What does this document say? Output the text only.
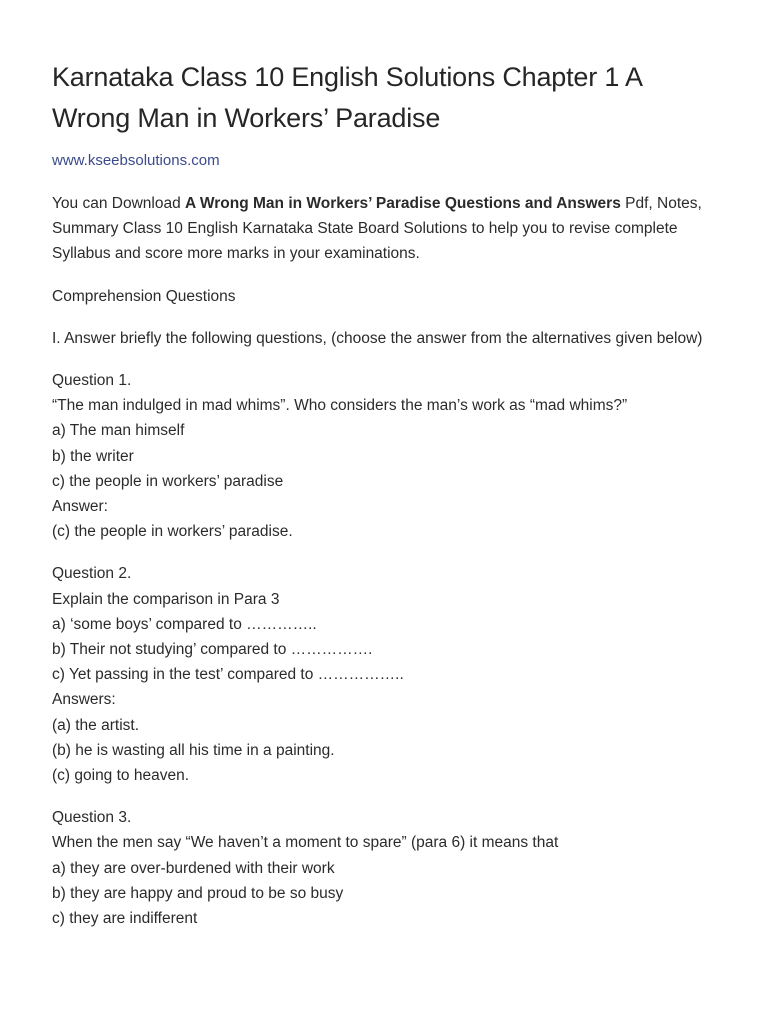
Karnataka Class 10 English Solutions Chapter 1 A Wrong Man in Workers’ Paradise
www.kseebsolutions.com

You can Download A Wrong Man in Workers’ Paradise Questions and Answers Pdf, Notes, Summary Class 10 English Karnataka State Board Solutions to help you to revise complete Syllabus and score more marks in your examinations.

Comprehension Questions

I. Answer briefly the following questions, (choose the answer from the alternatives given below)

Question 1.
“The man indulged in mad whims”. Who considers the man’s work as “mad whims?”
a) The man himself
b) the writer
c) the people in workers’ paradise
Answer:
(c) the people in workers’ paradise.
Question 2.
Explain the comparison in Para 3
a) ‘some boys’ compared to …………..
b) Their not studying’ compared to …………….
c) Yet passing in the test’ compared to ……………..
Answers:
(a) the artist.
(b) he is wasting all his time in a painting.
(c) going to heaven.
Question 3.
When the men say “We haven’t a moment to spare” (para 6) it means that
a) they are over-burdened with their work
b) they are happy and proud to be so busy
c) they are indifferent
